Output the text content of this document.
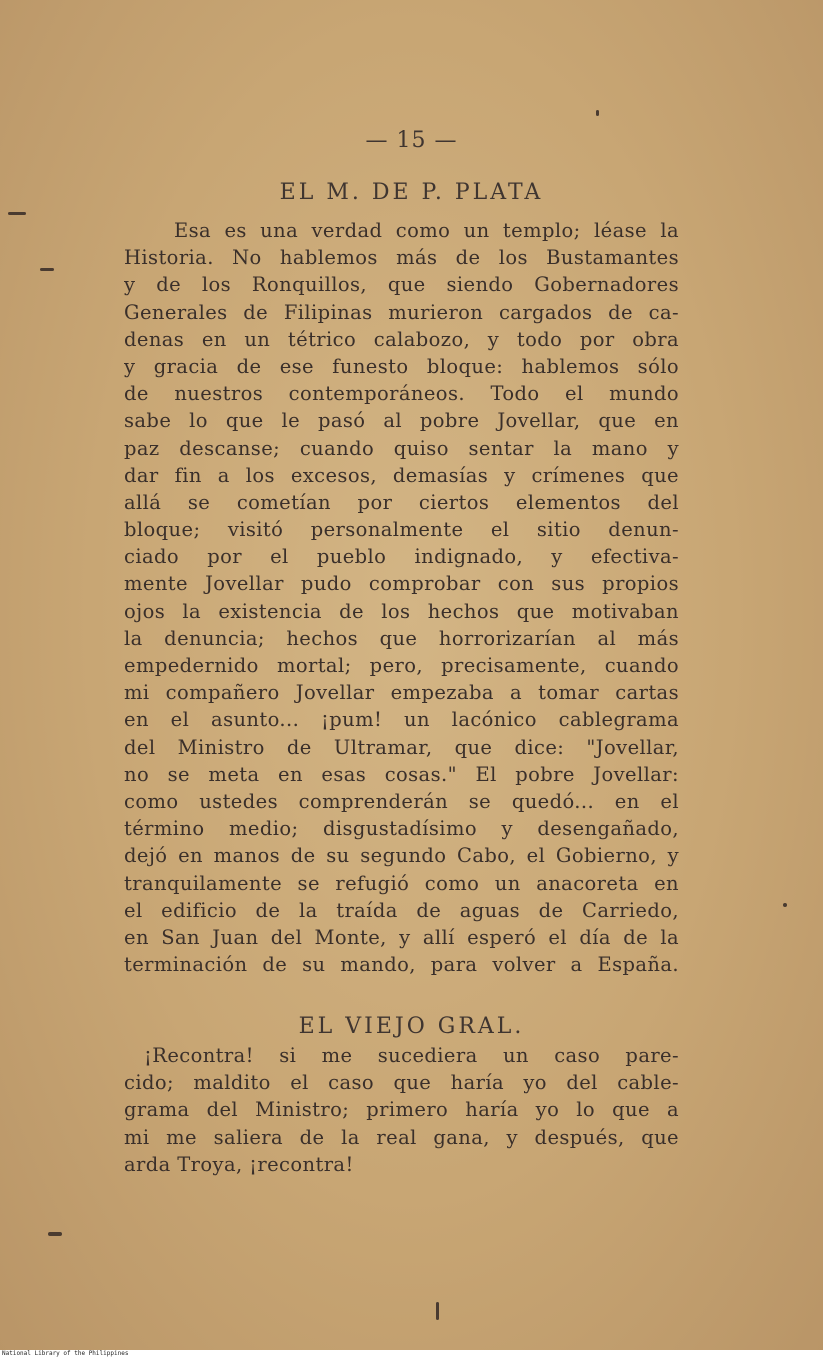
— 15 —
EL M. DE P. PLATA
Esa es una verdad como un templo; léase la
Historia. No hablemos más de los Bustamantes
y de los Ronquillos, que siendo Gobernadores
Generales de Filipinas murieron cargados de ca-
denas en un tétrico calabozo, y todo por obra
y gracia de ese funesto bloque: hablemos sólo
de nuestros contemporáneos. Todo el mundo
sabe lo que le pasó al pobre Jovellar, que en
paz descanse; cuando quiso sentar la mano y
dar fin a los excesos, demasías y crímenes que
allá se cometían por ciertos elementos del
bloque; visitó personalmente el sitio denun-
ciado por el pueblo indignado, y efectiva-
mente Jovellar pudo comprobar con sus propios
ojos la existencia de los hechos que motivaban
la denuncia; hechos que horrorizarían al más
empedernido mortal; pero, precisamente, cuando
mi compañero Jovellar empezaba a tomar cartas
en el asunto... ¡pum! un lacónico cablegrama
del Ministro de Ultramar, que dice: "Jovellar,
no se meta en esas cosas." El pobre Jovellar:
como ustedes comprenderán se quedó... en el
término medio; disgustadísimo y desengañado,
dejó en manos de su segundo Cabo, el Gobierno, y
tranquilamente se refugió como un anacoreta en
el edificio de la traída de aguas de Carriedo,
en San Juan del Monte, y allí esperó el día de la
terminación de su mando, para volver a España.
EL VIEJO GRAL.
¡Recontra! si me sucediera un caso pare-
cido; maldito el caso que haría yo del cable-
grama del Ministro; primero haría yo lo que a
mi me saliera de la real gana, y después, que
arda Troya, ¡recontra!
National Library of the Philippines
